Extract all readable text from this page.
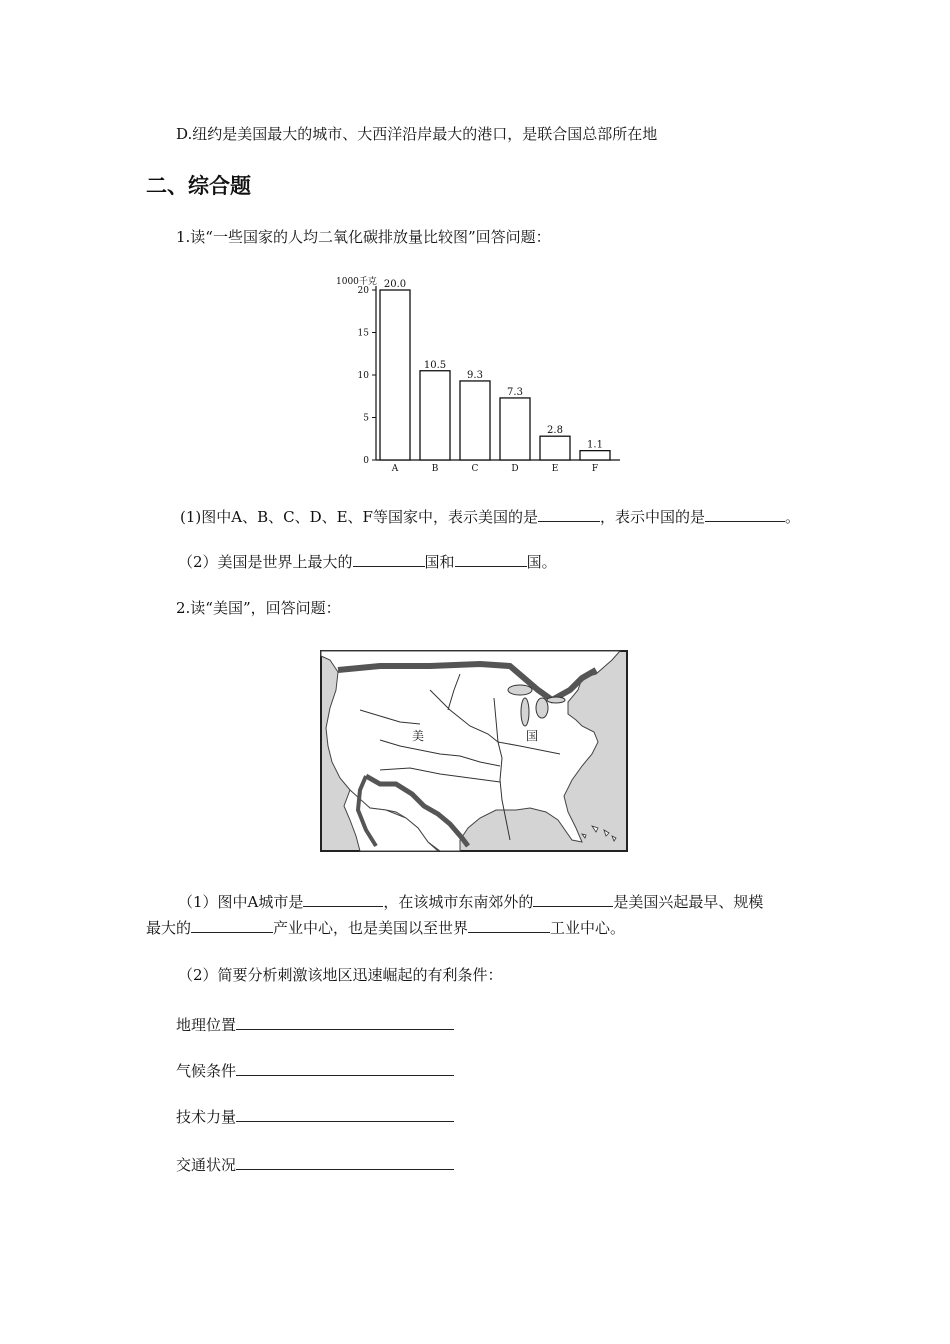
D.纽约是美国最大的城市、大西洋沿岸最大的港口，是联合国总部所在地
二、综合题
1.读“一些国家的人均二氧化碳排放量比较图”回答问题：
1000千克
0
5
10
15
20
20.0
A
10.5
B
9.3
C
7.3
D
2.8
E
1.1
F
(1)图中A、B、C、D、E、F等国家中，表示美国的是	，表示中国的是	。
（2）美国是世界上最大的	国和	国。
2.读“美国”，回答问题：
美	国
（1）图中A城市是	，在该城市东南郊外的	是美国兴起最早、规模
最大的	产业中心，也是美国以至世界	工业中心。
（2）简要分析刺激该地区迅速崛起的有利条件：
地理位置
气候条件
技术力量
交通状况
